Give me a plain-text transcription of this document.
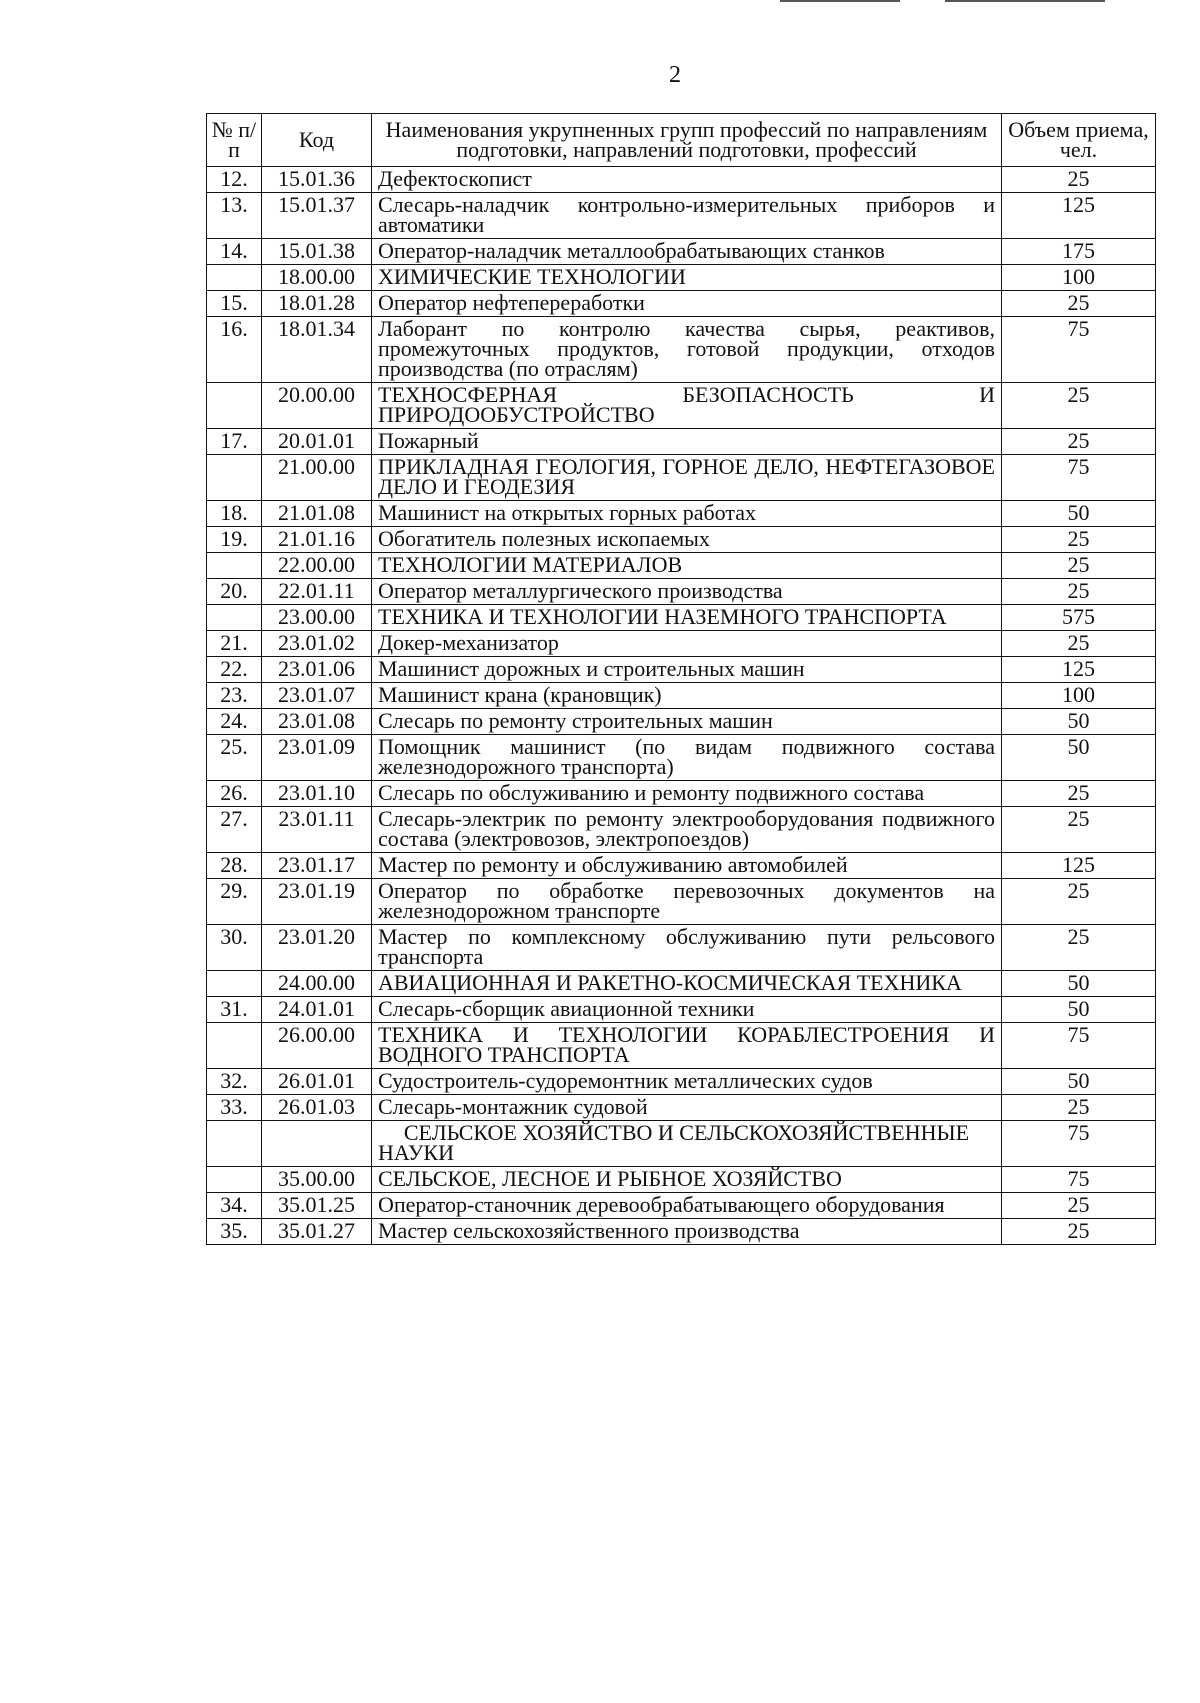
2
№ п/п	Код	Наименования укрупненных групп профессий по направлениям подготовки, направлений подготовки, профессий	Объем приема, чел.
12.	15.01.36	Дефектоскопист	25
13.	15.01.37	Слесарь-наладчик контрольно-измерительных приборов и автоматики	125
14.	15.01.38	Оператор-наладчик металлообрабатывающих станков	175
	18.00.00	ХИМИЧЕСКИЕ ТЕХНОЛОГИИ	100
15.	18.01.28	Оператор нефтепереработки	25
16.	18.01.34	Лаборант по контролю качества сырья, реактивов, промежуточных продуктов, готовой продукции, отходов производства (по отраслям)	75
	20.00.00	ТЕХНОСФЕРНАЯ БЕЗОПАСНОСТЬ И ПРИРОДООБУСТРОЙСТВО	25
17.	20.01.01	Пожарный	25
	21.00.00	ПРИКЛАДНАЯ ГЕОЛОГИЯ, ГОРНОЕ ДЕЛО, НЕФТЕГАЗОВОЕ ДЕЛО И ГЕОДЕЗИЯ	75
18.	21.01.08	Машинист на открытых горных работах	50
19.	21.01.16	Обогатитель полезных ископаемых	25
	22.00.00	ТЕХНОЛОГИИ МАТЕРИАЛОВ	25
20.	22.01.11	Оператор металлургического производства	25
	23.00.00	ТЕХНИКА И ТЕХНОЛОГИИ НАЗЕМНОГО ТРАНСПОРТА	575
21.	23.01.02	Докер-механизатор	25
22.	23.01.06	Машинист дорожных и строительных машин	125
23.	23.01.07	Машинист крана (крановщик)	100
24.	23.01.08	Слесарь по ремонту строительных машин	50
25.	23.01.09	Помощник машинист (по видам подвижного состава железнодорожного транспорта)	50
26.	23.01.10	Слесарь по обслуживанию и ремонту подвижного состава	25
27.	23.01.11	Слесарь-электрик по ремонту электрооборудования подвижного состава (электровозов, электропоездов)	25
28.	23.01.17	Мастер по ремонту и обслуживанию автомобилей	125
29.	23.01.19	Оператор по обработке перевозочных документов на железнодорожном транспорте	25
30.	23.01.20	Мастер по комплексному обслуживанию пути рельсового транспорта	25
	24.00.00	АВИАЦИОННАЯ И РАКЕТНО-КОСМИЧЕСКАЯ ТЕХНИКА	50
31.	24.01.01	Слесарь-сборщик авиационной техники	50
	26.00.00	ТЕХНИКА И ТЕХНОЛОГИИ КОРАБЛЕСТРОЕНИЯ И ВОДНОГО ТРАНСПОРТА	75
32.	26.01.01	Судостроитель-судоремонтник металлических судов	50
33.	26.01.03	Слесарь-монтажник судовой	25
		СЕЛЬСКОЕ ХОЗЯЙСТВО И СЕЛЬСКОХОЗЯЙСТВЕННЫЕ НАУКИ	75
	35.00.00	СЕЛЬСКОЕ, ЛЕСНОЕ И РЫБНОЕ ХОЗЯЙСТВО	75
34.	35.01.25	Оператор-станочник деревообрабатывающего оборудования	25
35.	35.01.27	Мастер сельскохозяйственного производства	25
